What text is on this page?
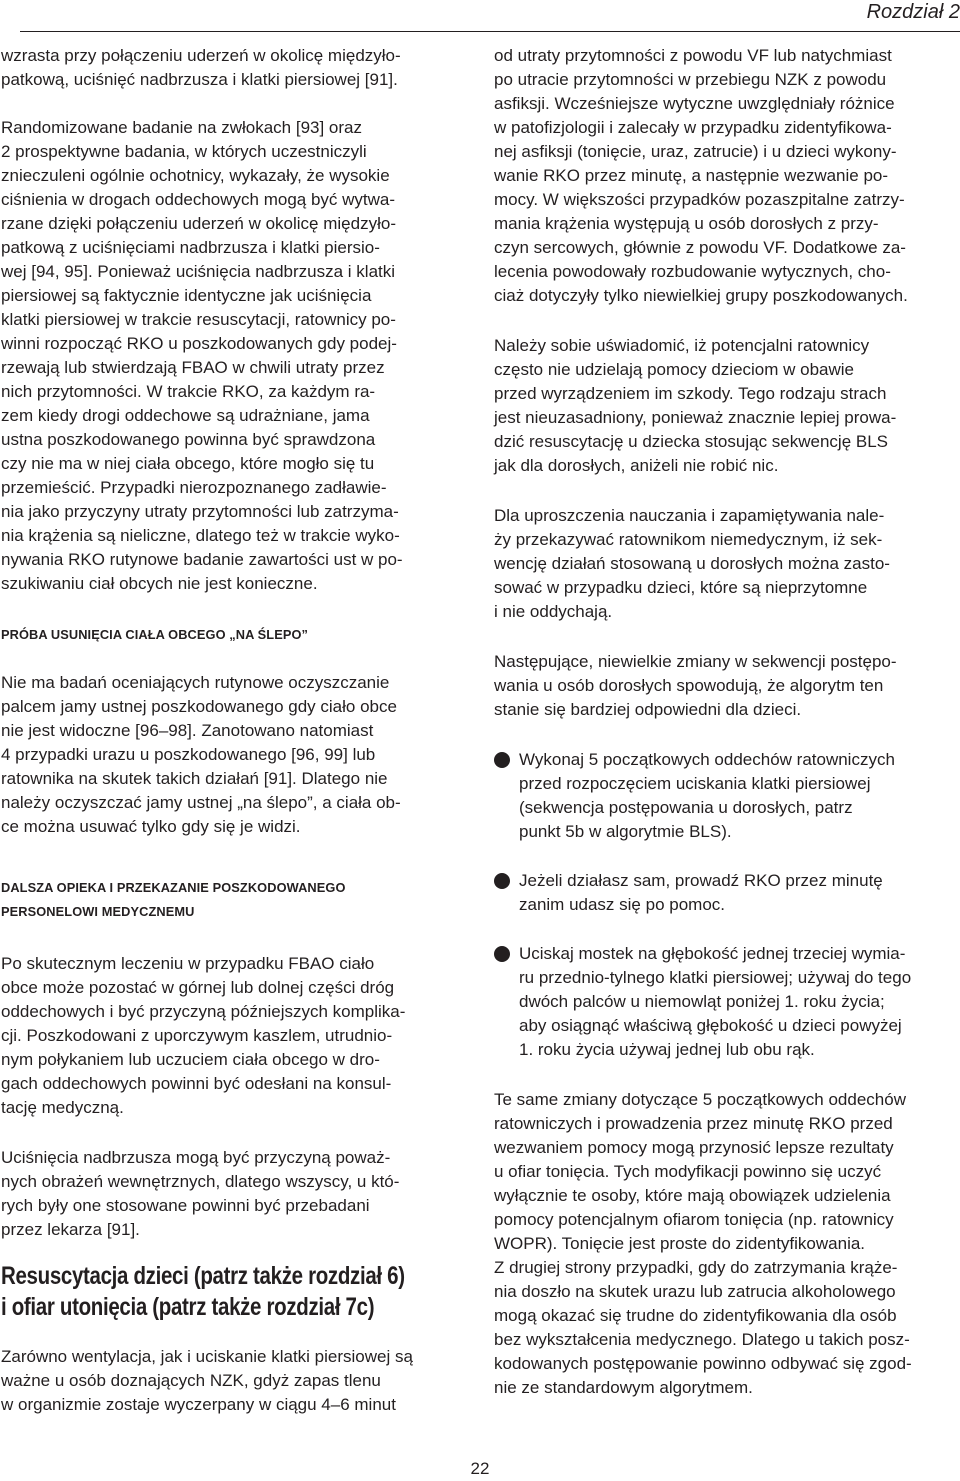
Rozdział 2

wzrasta przy połączeniu uderzeń w okolicę międzyło-
patkową, uciśnięć nadbrzusza i klatki piersiowej [91].

Randomizowane badanie na zwłokach [93] oraz
2 prospektywne badania, w których uczestniczyli
znieczuleni ogólnie ochotnicy, wykazały, że wysokie
ciśnienia w drogach oddechowych mogą być wytwa-
rzane dzięki połączeniu uderzeń w okolicę międzyło-
patkową z uciśnięciami nadbrzusza i klatki piersio-
wej [94, 95]. Ponieważ uciśnięcia nadbrzusza i klatki
piersiowej są faktycznie identyczne jak uciśnięcia
klatki piersiowej w trakcie resuscytacji, ratownicy po-
winni rozpocząć RKO u poszkodowanych gdy podej-
rzewają lub stwierdzają FBAO w chwili utraty przez
nich przytomności. W trakcie RKO, za każdym ra-
zem kiedy drogi oddechowe są udrażniane, jama
ustna poszkodowanego powinna być sprawdzona
czy nie ma w niej ciała obcego, które mogło się tu
przemieścić. Przypadki nierozpoznanego zadławie-
nia jako przyczyny utraty przytomności lub zatrzyma-
nia krążenia są nieliczne, dlatego też w trakcie wyko-
nywania RKO rutynowe badanie zawartości ust w po-
szukiwaniu ciał obcych nie jest konieczne.

PRÓBA USUNIĘCIA CIAŁA OBCEGO „NA ŚLEPO”

Nie ma badań oceniających rutynowe oczyszczanie
palcem jamy ustnej poszkodowanego gdy ciało obce
nie jest widoczne [96–98]. Zanotowano natomiast
4 przypadki urazu u poszkodowanego [96, 99] lub
ratownika na skutek takich działań [91]. Dlatego nie
należy oczyszczać jamy ustnej „na ślepo”, a ciała ob-
ce można usuwać tylko gdy się je widzi.

DALSZA OPIEKA I PRZEKAZANIE POSZKODOWANEGO
PERSONELOWI MEDYCZNEMU

Po skutecznym leczeniu w przypadku FBAO ciało
obce może pozostać w górnej lub dolnej części dróg
oddechowych i być przyczyną późniejszych komplika-
cji. Poszkodowani z uporczywym kaszlem, utrudnio-
nym połykaniem lub uczuciem ciała obcego w dro-
gach oddechowych powinni być odesłani na konsul-
tację medyczną.

Uciśnięcia nadbrzusza mogą być przyczyną poważ-
nych obrażeń wewnętrznych, dlatego wszyscy, u któ-
rych były one stosowane powinni być przebadani
przez lekarza [91].

Resuscytacja dzieci (patrz także rozdział 6)
i ofiar utonięcia (patrz także rozdział 7c)

Zarówno wentylacja, jak i uciskanie klatki piersiowej są
ważne u osób doznających NZK, gdyż zapas tlenu
w organizmie zostaje wyczerpany w ciągu 4–6 minut

od utraty przytomności z powodu VF lub natychmiast
po utracie przytomności w przebiegu NZK z powodu
asfiksji. Wcześniejsze wytyczne uwzględniały różnice
w patofizjologii i zalecały w przypadku zidentyfikowa-
nej asfiksji (tonięcie, uraz, zatrucie) i u dzieci wykony-
wanie RKO przez minutę, a następnie wezwanie po-
mocy. W większości przypadków pozaszpitalne zatrzy-
mania krążenia występują u osób dorosłych z przy-
czyn sercowych, głównie z powodu VF. Dodatkowe za-
lecenia powodowały rozbudowanie wytycznych, cho-
ciaż dotyczyły tylko niewielkiej grupy poszkodowanych.

Należy sobie uświadomić, iż potencjalni ratownicy
często nie udzielają pomocy dzieciom w obawie
przed wyrządzeniem im szkody. Tego rodzaju strach
jest nieuzasadniony, ponieważ znacznie lepiej prowa-
dzić resuscytację u dziecka stosując sekwencję BLS
jak dla dorosłych, aniżeli nie robić nic.

Dla uproszczenia nauczania i zapamiętywania nale-
ży przekazywać ratownikom niemedycznym, iż sek-
wencję działań stosowaną u dorosłych można zasto-
sować w przypadku dzieci, które są nieprzytomne
i nie oddychają.

Następujące, niewielkie zmiany w sekwencji postępo-
wania u osób dorosłych spowodują, że algorytm ten
stanie się bardziej odpowiedni dla dzieci.

Wykonaj 5 początkowych oddechów ratowniczych
przed rozpoczęciem uciskania klatki piersiowej
(sekwencja postępowania u dorosłych, patrz
punkt 5b w algorytmie BLS).

Jeżeli działasz sam, prowadź RKO przez minutę
zanim udasz się po pomoc.

Uciskaj mostek na głębokość jednej trzeciej wymia-
ru przednio-tylnego klatki piersiowej; używaj do tego
dwóch palców u niemowląt poniżej 1. roku życia;
aby osiągnąć właściwą głębokość u dzieci powyżej
1. roku życia używaj jednej lub obu rąk.

Te same zmiany dotyczące 5 początkowych oddechów
ratowniczych i prowadzenia przez minutę RKO przed
wezwaniem pomocy mogą przynosić lepsze rezultaty
u ofiar tonięcia. Tych modyfikacji powinno się uczyć
wyłącznie te osoby, które mają obowiązek udzielenia
pomocy potencjalnym ofiarom tonięcia (np. ratownicy
WOPR). Tonięcie jest proste do zidentyfikowania.
Z drugiej strony przypadki, gdy do zatrzymania krąże-
nia doszło na skutek urazu lub zatrucia alkoholowego
mogą okazać się trudne do zidentyfikowania dla osób
bez wykształcenia medycznego. Dlatego u takich posz-
kodowanych postępowanie powinno odbywać się zgod-
nie ze standardowym algorytmem.

22
